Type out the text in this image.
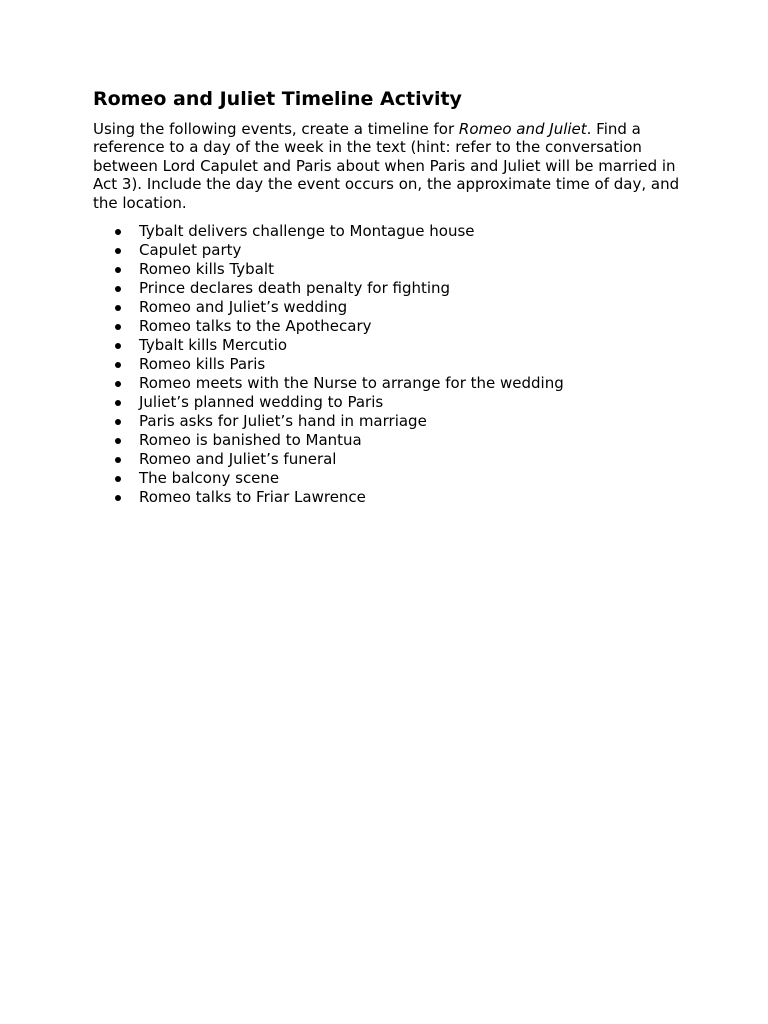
Romeo and Juliet Timeline Activity

Using the following events, create a timeline for Romeo and Juliet. Find a reference to a day of the week in the text (hint: refer to the conversation between Lord Capulet and Paris about when Paris and Juliet will be married in Act 3). Include the day the event occurs on, the approximate time of day, and the location.

Tybalt delivers challenge to Montague house
Capulet party
Romeo kills Tybalt
Prince declares death penalty for fighting
Romeo and Juliet’s wedding
Romeo talks to the Apothecary
Tybalt kills Mercutio
Romeo kills Paris
Romeo meets with the Nurse to arrange for the wedding
Juliet’s planned wedding to Paris
Paris asks for Juliet’s hand in marriage
Romeo is banished to Mantua
Romeo and Juliet’s funeral
The balcony scene
Romeo talks to Friar Lawrence
